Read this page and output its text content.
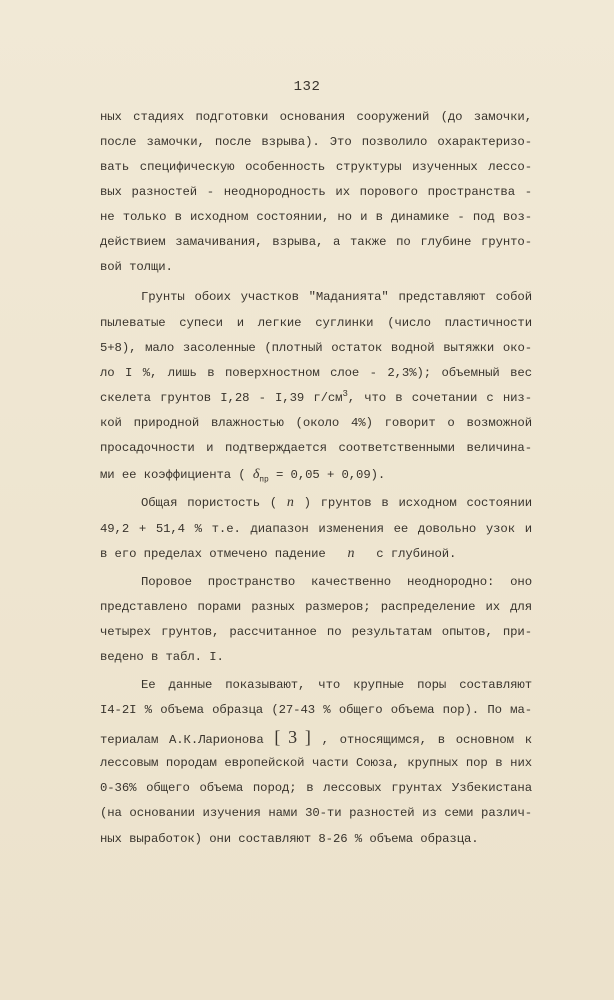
132
ных стадиях подготовки основания сооружений (до замочки,
после замочки, после взрыва). Это позволило охарактеризо-
вать специфическую особенность структуры изученных лессо-
вых разностей - неоднородность их порового пространства -
не только в исходном состоянии, но и в динамике - под воз-
действием замачивания, взрыва, а также по глубине грунто-
вой толщи.
Грунты обоих участков "Маданията" представляют собой
пылеватые супеси и легкие суглинки (число пластичности
5+8), мало засоленные (плотный остаток водной вытяжки око-
ло I %, лишь в поверхностном слое - 2,3%); объемный вес
скелета грунтов I,28 - I,39 $г/см^3$, что в сочетании с низ-
кой природной влажностью (около 4%) говорит о возможной
просадочности и подтверждается соответственными величина-
ми ее коэффициента ( $\delta_{пр} = 0,05 + 0,09$).
Общая пористость ( n ) грунтов в исходном состоянии
49,2 + 51,4 % т.е. диапазон изменения ее довольно узок и
в его пределах отмечено падение n с глубиной.
Поровое пространство качественно неоднородно: оно
представлено порами разных размеров; распределение их для
четырех грунтов, рассчитанное по результатам опытов, при-
ведено в табл. I.
Ее данные показывают, что крупные поры составляют
I4-2I % объема образца (27-43 % общего объема пор). По ма-
териалам А.К.Ларионова [ 3 ] , относящимся, в основном к
лессовым породам европейской части Союза, крупных пор в них
0-36% общего объема пород; в лессовых грунтах Узбекистана
(на основании изучения нами 30-ти разностей из семи различ-
ных выработок) они составляют 8-26 % объема образца.
